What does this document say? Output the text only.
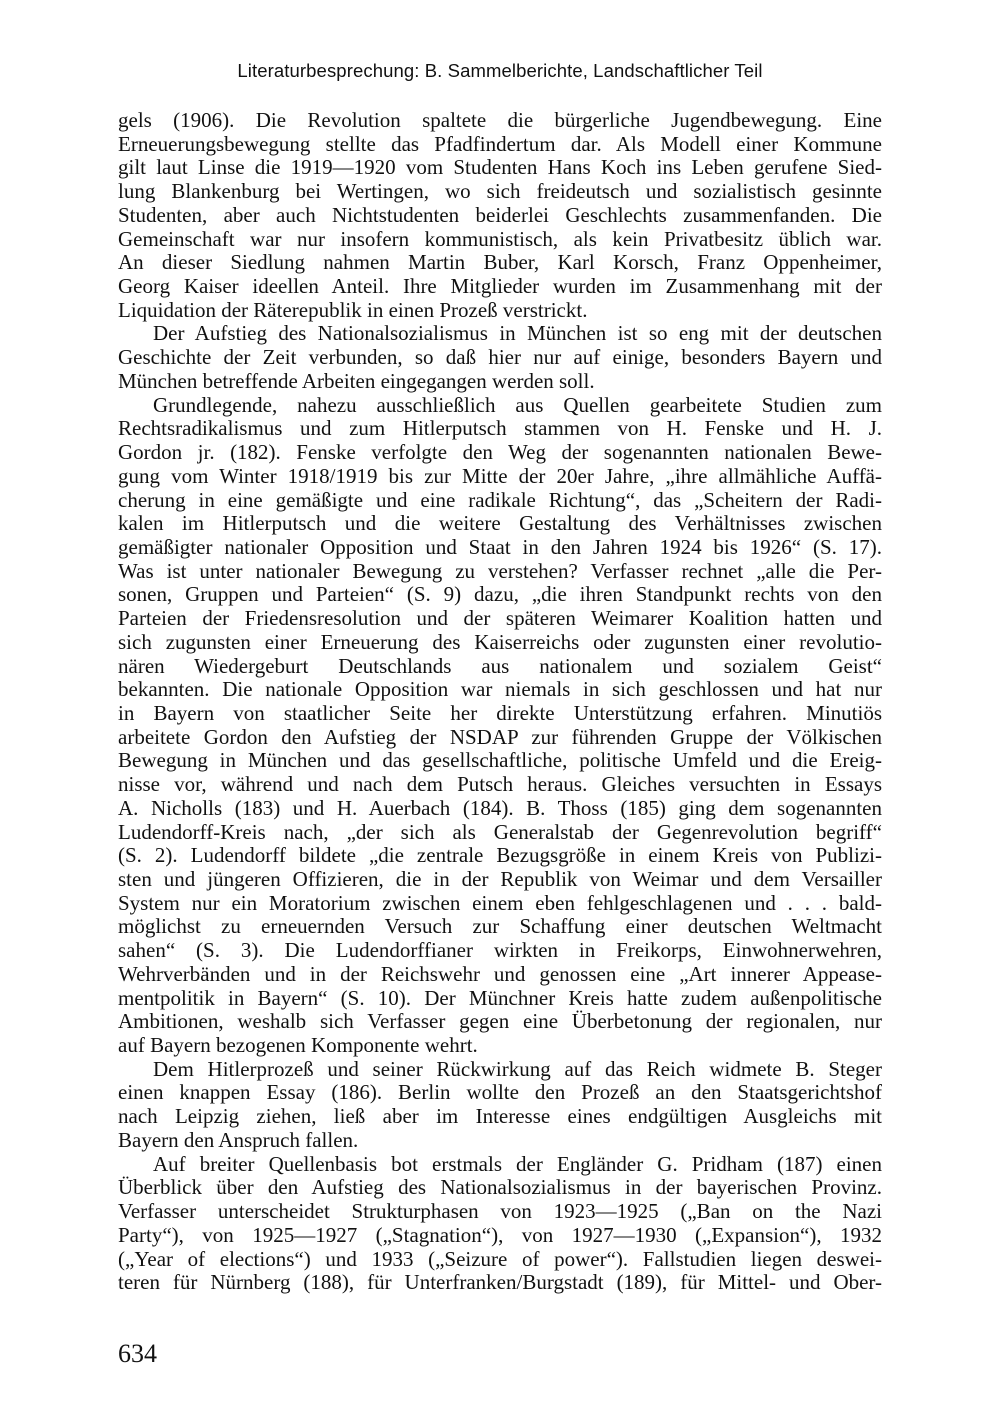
Literaturbesprechung: B. Sammelberichte, Landschaftlicher Teil
gels (1906). Die Revolution spaltete die bürgerliche Jugendbewegung. Eine
Erneuerungsbewegung stellte das Pfadfindertum dar. Als Modell einer Kommune
gilt laut Linse die 1919—1920 vom Studenten Hans Koch ins Leben gerufene Sied-
lung Blankenburg bei Wertingen, wo sich freideutsch und sozialistisch gesinnte
Studenten, aber auch Nichtstudenten beiderlei Geschlechts zusammenfanden. Die
Gemeinschaft war nur insofern kommunistisch, als kein Privatbesitz üblich war.
An dieser Siedlung nahmen Martin Buber, Karl Korsch, Franz Oppenheimer,
Georg Kaiser ideellen Anteil. Ihre Mitglieder wurden im Zusammenhang mit der
Liquidation der Räterepublik in einen Prozeß verstrickt.
Der Aufstieg des Nationalsozialismus in München ist so eng mit der deutschen
Geschichte der Zeit verbunden, so daß hier nur auf einige, besonders Bayern und
München betreffende Arbeiten eingegangen werden soll.
Grundlegende, nahezu ausschließlich aus Quellen gearbeitete Studien zum
Rechtsradikalismus und zum Hitlerputsch stammen von H. Fenske und H. J.
Gordon jr. (182). Fenske verfolgte den Weg der sogenannten nationalen Bewe-
gung vom Winter 1918/1919 bis zur Mitte der 20er Jahre, „ihre allmähliche Auffä-
cherung in eine gemäßigte und eine radikale Richtung“, das „Scheitern der Radi-
kalen im Hitlerputsch und die weitere Gestaltung des Verhältnisses zwischen
gemäßigter nationaler Opposition und Staat in den Jahren 1924 bis 1926“ (S. 17).
Was ist unter nationaler Bewegung zu verstehen? Verfasser rechnet „alle die Per-
sonen, Gruppen und Parteien“ (S. 9) dazu, „die ihren Standpunkt rechts von den
Parteien der Friedensresolution und der späteren Weimarer Koalition hatten und
sich zugunsten einer Erneuerung des Kaiserreichs oder zugunsten einer revolutio-
nären Wiedergeburt Deutschlands aus nationalem und sozialem Geist“
bekannten. Die nationale Opposition war niemals in sich geschlossen und hat nur
in Bayern von staatlicher Seite her direkte Unterstützung erfahren. Minutiös
arbeitete Gordon den Aufstieg der NSDAP zur führenden Gruppe der Völkischen
Bewegung in München und das gesellschaftliche, politische Umfeld und die Ereig-
nisse vor, während und nach dem Putsch heraus. Gleiches versuchten in Essays
A. Nicholls (183) und H. Auerbach (184). B. Thoss (185) ging dem sogenannten
Ludendorff-Kreis nach, „der sich als Generalstab der Gegenrevolution begriff“
(S. 2). Ludendorff bildete „die zentrale Bezugsgröße in einem Kreis von Publizi-
sten und jüngeren Offizieren, die in der Republik von Weimar und dem Versailler
System nur ein Moratorium zwischen einem eben fehlgeschlagenen und . . . bald-
möglichst zu erneuernden Versuch zur Schaffung einer deutschen Weltmacht
sahen“ (S. 3). Die Ludendorffianer wirkten in Freikorps, Einwohnerwehren,
Wehrverbänden und in der Reichswehr und genossen eine „Art innerer Appease-
mentpolitik in Bayern“ (S. 10). Der Münchner Kreis hatte zudem außenpolitische
Ambitionen, weshalb sich Verfasser gegen eine Überbetonung der regionalen, nur
auf Bayern bezogenen Komponente wehrt.
Dem Hitlerprozeß und seiner Rückwirkung auf das Reich widmete B. Steger
einen knappen Essay (186). Berlin wollte den Prozeß an den Staatsgerichtshof
nach Leipzig ziehen, ließ aber im Interesse eines endgültigen Ausgleichs mit
Bayern den Anspruch fallen.
Auf breiter Quellenbasis bot erstmals der Engländer G. Pridham (187) einen
Überblick über den Aufstieg des Nationalsozialismus in der bayerischen Provinz.
Verfasser unterscheidet Strukturphasen von 1923—1925 („Ban on the Nazi
Party“), von 1925—1927 („Stagnation“), von 1927—1930 („Expansion“), 1932
(„Year of elections“) und 1933 („Seizure of power“). Fallstudien liegen deswei-
teren für Nürnberg (188), für Unterfranken/Burgstadt (189), für Mittel- und Ober-
634
